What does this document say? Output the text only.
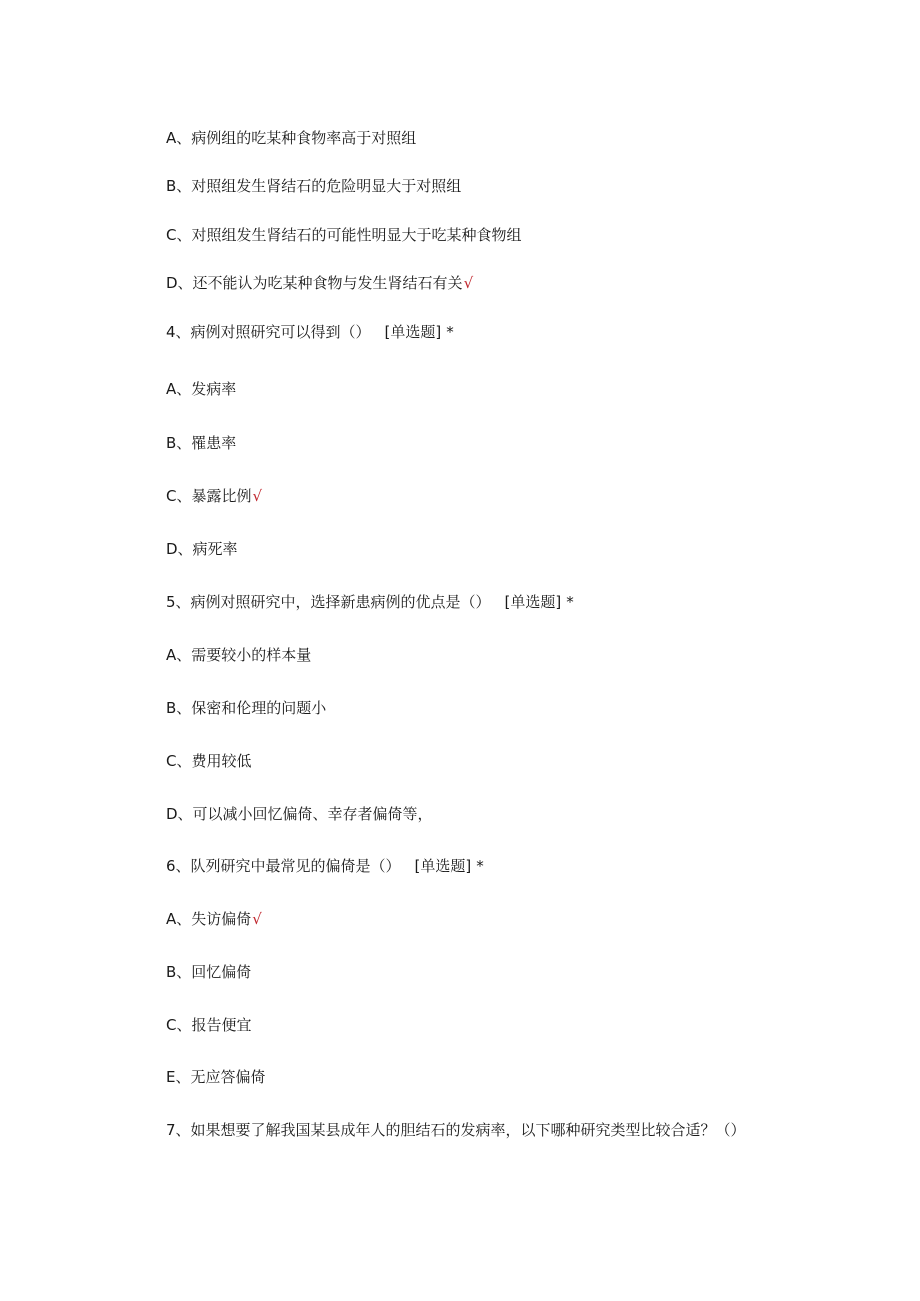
A、病例组的吃某种食物率高于对照组
B、对照组发生肾结石的危险明显大于对照组
C、对照组发生肾结石的可能性明显大于吃某种食物组
D、还不能认为吃某种食物与发生肾结石有关√
4、病例对照研究可以得到（） [单选题] *
A、发病率
B、罹患率
C、暴露比例√
D、病死率
5、病例对照研究中，选择新患病例的优点是（） [单选题] *
A、需要较小的样本量
B、保密和伦理的问题小
C、费用较低
D、可以减小回忆偏倚、幸存者偏倚等，
6、队列研究中最常见的偏倚是（） [单选题] *
A、失访偏倚√
B、回忆偏倚
C、报告便宜
E、无应答偏倚
7、如果想要了解我国某县成年人的胆结石的发病率，以下哪种研究类型比较合适？（）
